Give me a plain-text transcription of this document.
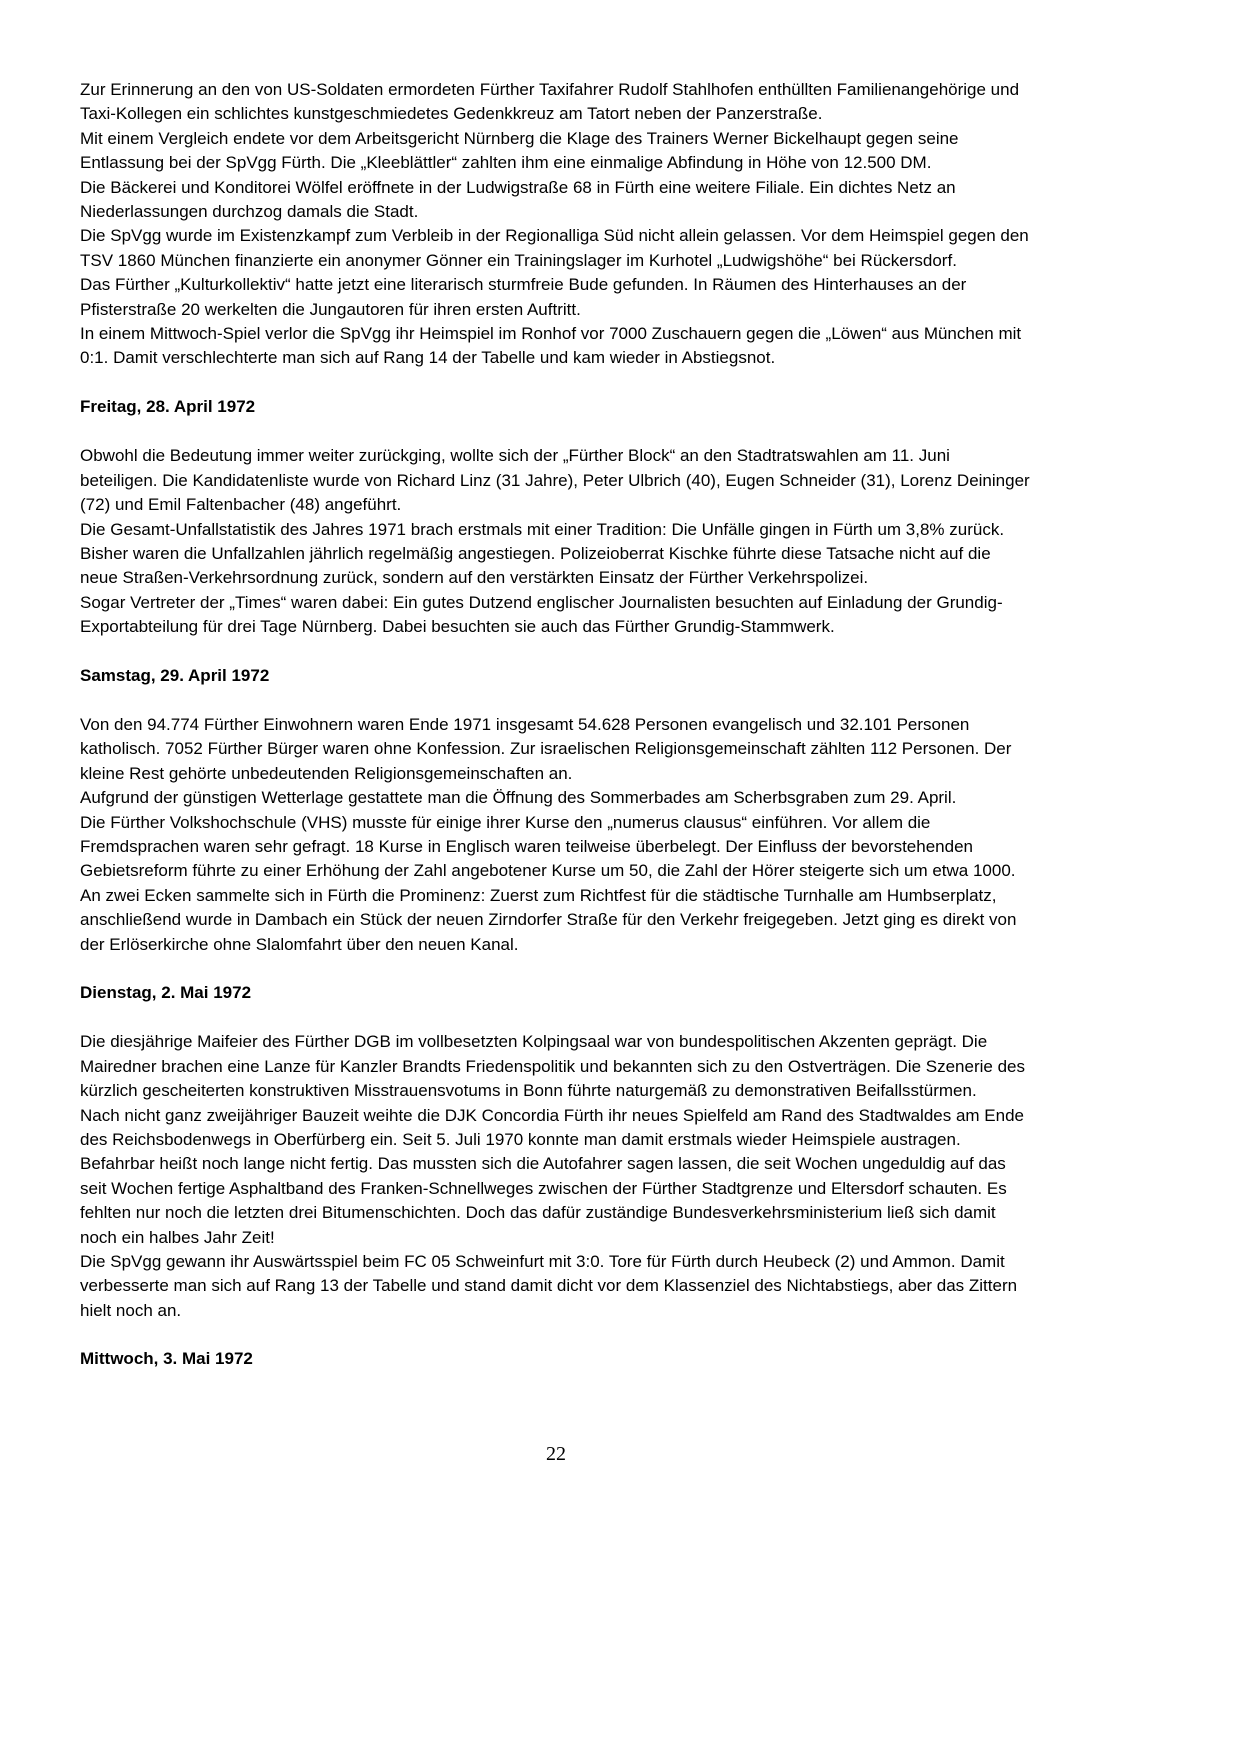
Zur Erinnerung an den von US-Soldaten ermordeten Fürther Taxifahrer Rudolf Stahlhofen enthüllten Familienangehörige und Taxi-Kollegen ein schlichtes kunstgeschmiedetes Gedenkkreuz am Tatort neben der Panzerstraße.

Mit einem Vergleich endete vor dem Arbeitsgericht Nürnberg die Klage des Trainers Werner Bickelhaupt gegen seine Entlassung bei der SpVgg Fürth. Die „Kleeblättler“ zahlten ihm eine einmalige Abfindung in Höhe von 12.500 DM.

Die Bäckerei und Konditorei Wölfel eröffnete in der Ludwigstraße 68 in Fürth eine weitere Filiale. Ein dichtes Netz an Niederlassungen durchzog damals die Stadt.

Die SpVgg wurde im Existenzkampf zum Verbleib in der Regionalliga Süd nicht allein gelassen. Vor dem Heimspiel gegen den TSV 1860 München finanzierte ein anonymer Gönner ein Trainingslager im Kurhotel „Ludwigshöhe“ bei Rückersdorf.

Das Fürther „Kulturkollektiv“ hatte jetzt eine literarisch sturmfreie Bude gefunden. In Räumen des Hinterhauses an der Pfisterstraße 20 werkelten die Jungautoren für ihren ersten Auftritt.

In einem Mittwoch-Spiel verlor die SpVgg ihr Heimspiel im Ronhof vor 7000 Zuschauern gegen die „Löwen“ aus München mit 0:1. Damit verschlechterte man sich auf Rang 14 der Tabelle und kam wieder in Abstiegsnot.

Freitag, 28. April 1972

Obwohl die Bedeutung immer weiter zurückging, wollte sich der „Fürther Block“ an den Stadtratswahlen am 11. Juni beteiligen. Die Kandidatenliste wurde von Richard Linz (31 Jahre), Peter Ulbrich (40), Eugen Schneider (31), Lorenz Deininger (72) und Emil Faltenbacher (48) angeführt.

Die Gesamt-Unfallstatistik des Jahres 1971 brach erstmals mit einer Tradition: Die Unfälle gingen in Fürth um 3,8% zurück. Bisher waren die Unfallzahlen jährlich regelmäßig angestiegen. Polizeioberrat Kischke führte diese Tatsache nicht auf die neue Straßen-Verkehrsordnung zurück, sondern auf den verstärkten Einsatz der Fürther Verkehrspolizei.

Sogar Vertreter der „Times“ waren dabei: Ein gutes Dutzend englischer Journalisten besuchten auf Einladung der Grundig-Exportabteilung für drei Tage Nürnberg. Dabei besuchten sie auch das Fürther Grundig-Stammwerk.

Samstag, 29. April 1972

Von den 94.774 Fürther Einwohnern waren Ende 1971 insgesamt 54.628 Personen evangelisch und 32.101 Personen katholisch. 7052 Fürther Bürger waren ohne Konfession. Zur israelischen Religionsgemeinschaft zählten 112 Personen. Der kleine Rest gehörte unbedeutenden Religionsgemeinschaften an.

Aufgrund der günstigen Wetterlage gestattete man die Öffnung des Sommerbades am Scherbsgraben zum 29. April.

Die Fürther Volkshochschule (VHS) musste für einige ihrer Kurse den „numerus clausus“ einführen. Vor allem die Fremdsprachen waren sehr gefragt. 18 Kurse in Englisch waren teilweise überbelegt. Der Einfluss der bevorstehenden Gebietsreform führte zu einer Erhöhung der Zahl angebotener Kurse um 50, die Zahl der Hörer steigerte sich um etwa 1000.

An zwei Ecken sammelte sich in Fürth die Prominenz: Zuerst zum Richtfest für die städtische Turnhalle am Humbserplatz, anschließend wurde in Dambach ein Stück der neuen Zirndorfer Straße für den Verkehr freigegeben. Jetzt ging es direkt von der Erlöserkirche ohne Slalomfahrt über den neuen Kanal.

Dienstag, 2. Mai 1972

Die diesjährige Maifeier des Fürther DGB im vollbesetzten Kolpingsaal war von bundespolitischen Akzenten geprägt. Die Mairedner brachen eine Lanze für Kanzler Brandts Friedenspolitik und bekannten sich zu den Ostverträgen. Die Szenerie des kürzlich gescheiterten konstruktiven Misstrauensvotums in Bonn führte naturgemäß zu demonstrativen Beifallsstürmen.

Nach nicht ganz zweijähriger Bauzeit weihte die DJK Concordia Fürth ihr neues Spielfeld am Rand des Stadtwaldes am Ende des Reichsbodenwegs in Oberfürberg ein. Seit 5. Juli 1970 konnte man damit erstmals wieder Heimspiele austragen.

Befahrbar heißt noch lange nicht fertig. Das mussten sich die Autofahrer sagen lassen, die seit Wochen ungeduldig auf das seit Wochen fertige Asphaltband des Franken-Schnellweges zwischen der Fürther Stadtgrenze und Eltersdorf schauten. Es fehlten nur noch die letzten drei Bitumenschichten. Doch das dafür zuständige Bundesverkehrsministerium ließ sich damit noch ein halbes Jahr Zeit!

Die SpVgg gewann ihr Auswärtsspiel beim FC 05 Schweinfurt mit 3:0. Tore für Fürth durch Heubeck (2) und Ammon. Damit verbesserte man sich auf Rang 13 der Tabelle und stand damit dicht vor dem Klassenziel des Nichtabstiegs, aber das Zittern hielt noch an.

Mittwoch, 3. Mai 1972
22
